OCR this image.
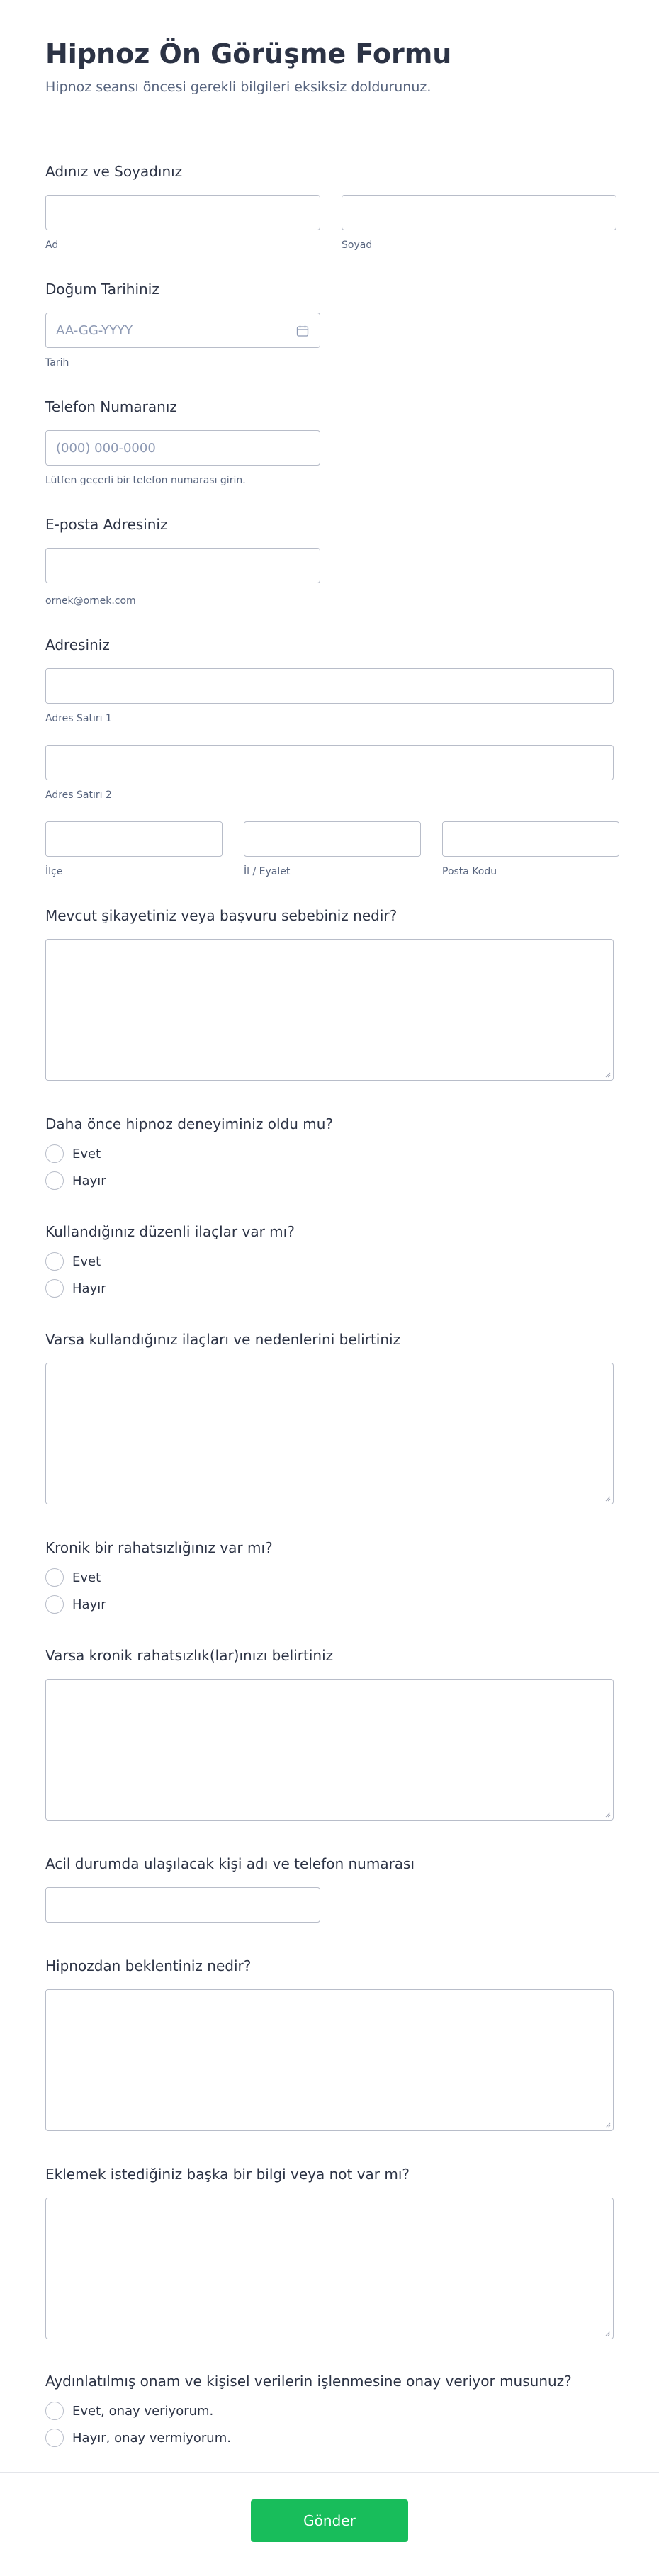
Hipnoz Ön Görüşme Formu

Hipnoz seansı öncesi gerekli bilgileri eksiksiz doldurunuz.

Adınız ve Soyadınız
Ad	Soyad
Doğum Tarihiniz
AA-GG-YYYY
Tarih
Telefon Numaranız
(000) 000-0000
Lütfen geçerli bir telefon numarası girin.
E-posta Adresiniz
ornek@ornek.com
Adresiniz
Adres Satırı 1
Adres Satırı 2
İlçe	İl / Eyalet	Posta Kodu
Mevcut şikayetiniz veya başvuru sebebiniz nedir?
Daha önce hipnoz deneyiminiz oldu mu?
Evet
Hayır
Kullandığınız düzenli ilaçlar var mı?
Evet
Hayır
Varsa kullandığınız ilaçları ve nedenlerini belirtiniz
Kronik bir rahatsızlığınız var mı?
Evet
Hayır
Varsa kronik rahatsızlık(lar)ınızı belirtiniz
Acil durumda ulaşılacak kişi adı ve telefon numarası
Hipnozdan beklentiniz nedir?
Eklemek istediğiniz başka bir bilgi veya not var mı?
Aydınlatılmış onam ve kişisel verilerin işlenmesine onay veriyor musunuz?
Evet, onay veriyorum.
Hayır, onay vermiyorum.
Gönder
